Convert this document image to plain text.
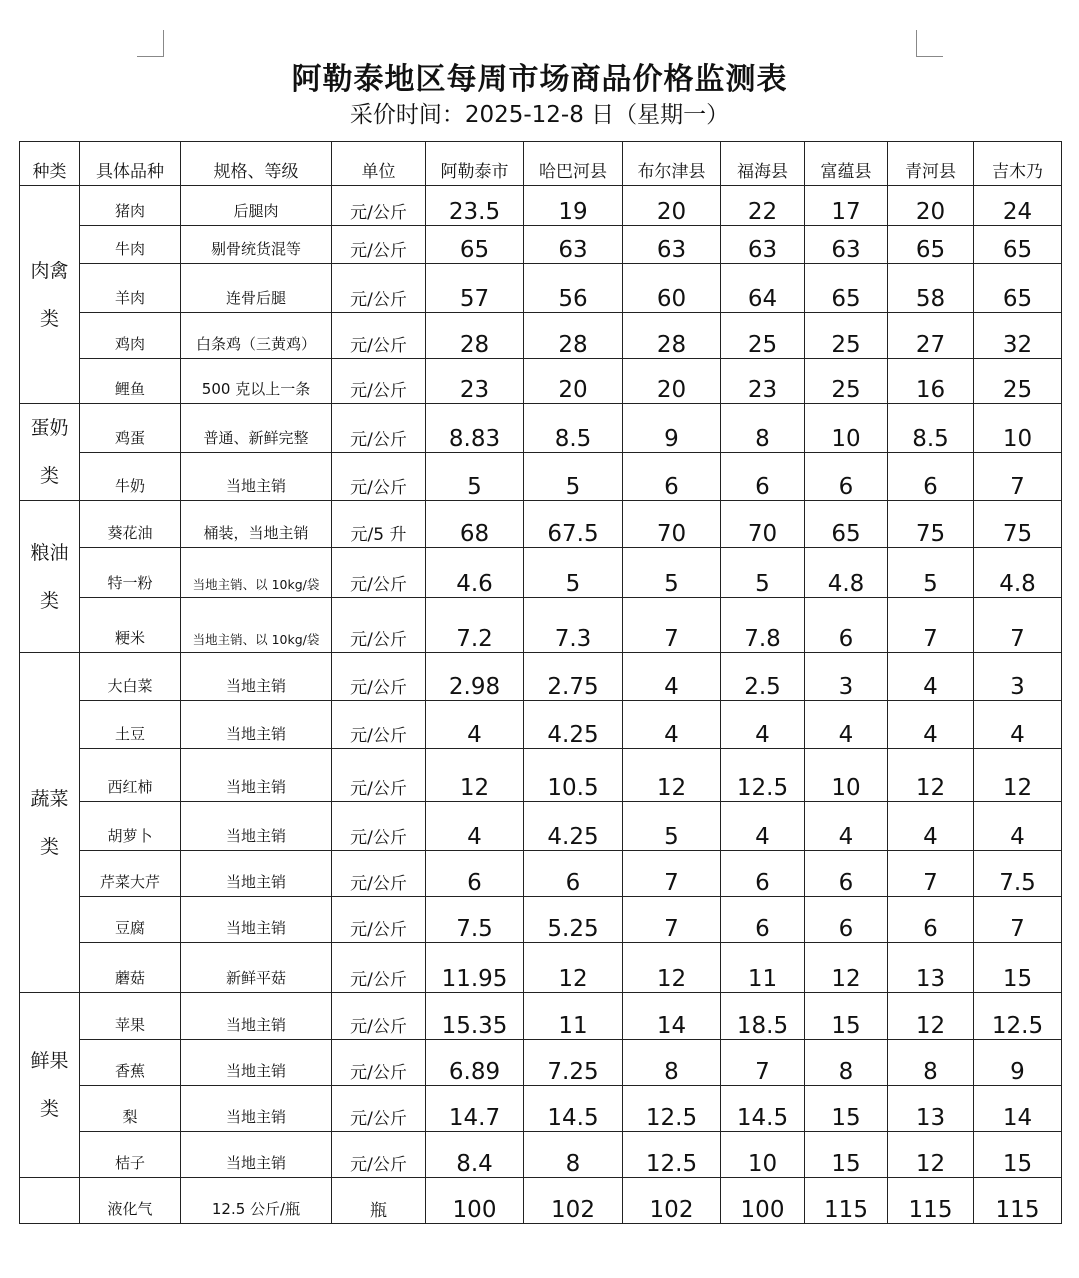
阿勒泰地区每周市场商品价格监测表
采价时间：2025-12-8 日（星期一）
种类	具体品种	规格、等级	单位	阿勒泰市	哈巴河县	布尔津县	福海县	富蕴县	青河县	吉木乃
肉禽
类	猪肉	后腿肉	元/公斤	23.5	19	20	22	17	20	24
	牛肉	剔骨统货混等	元/公斤	65	63	63	63	63	65	65
	羊肉	连骨后腿	元/公斤	57	56	60	64	65	58	65
	鸡肉	白条鸡（三黄鸡）	元/公斤	28	28	28	25	25	27	32
	鲤鱼	500 克以上一条	元/公斤	23	20	20	23	25	16	25
蛋奶
类	鸡蛋	普通、新鲜完整	元/公斤	8.83	8.5	9	8	10	8.5	10
	牛奶	当地主销	元/公斤	5	5	6	6	6	6	7
粮油
类	葵花油	桶装，当地主销	元/5 升	68	67.5	70	70	65	75	75
	特一粉	当地主销、以 10kg/袋	元/公斤	4.6	5	5	5	4.8	5	4.8
	粳米	当地主销、以 10kg/袋	元/公斤	7.2	7.3	7	7.8	6	7	7
蔬菜
类	大白菜	当地主销	元/公斤	2.98	2.75	4	2.5	3	4	3
	土豆	当地主销	元/公斤	4	4.25	4	4	4	4	4
	西红柿	当地主销	元/公斤	12	10.5	12	12.5	10	12	12
	胡萝卜	当地主销	元/公斤	4	4.25	5	4	4	4	4
	芹菜大芹	当地主销	元/公斤	6	6	7	6	6	7	7.5
	豆腐	当地主销	元/公斤	7.5	5.25	7	6	6	6	7
	蘑菇	新鲜平菇	元/公斤	11.95	12	12	11	12	13	15
鲜果
类	苹果	当地主销	元/公斤	15.35	11	14	18.5	15	12	12.5
	香蕉	当地主销	元/公斤	6.89	7.25	8	7	8	8	9
	梨	当地主销	元/公斤	14.7	14.5	12.5	14.5	15	13	14
	桔子	当地主销	元/公斤	8.4	8	12.5	10	15	12	15
	液化气	12.5 公斤/瓶	瓶	100	102	102	100	115	115	115
